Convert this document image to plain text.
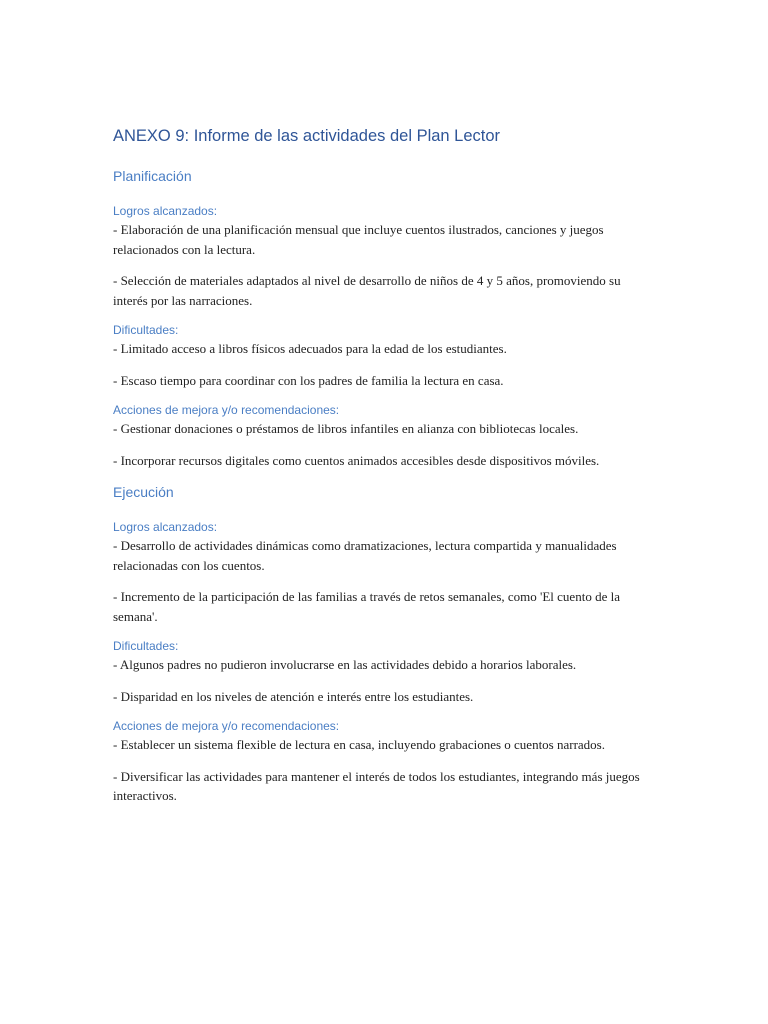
ANEXO 9: Informe de las actividades del Plan Lector
Planificación
Logros alcanzados:

- Elaboración de una planificación mensual que incluye cuentos ilustrados, canciones y juegos relacionados con la lectura.

- Selección de materiales adaptados al nivel de desarrollo de niños de 4 y 5 años, promoviendo su interés por las narraciones.

Dificultades:

- Limitado acceso a libros físicos adecuados para la edad de los estudiantes.

- Escaso tiempo para coordinar con los padres de familia la lectura en casa.

Acciones de mejora y/o recomendaciones:

- Gestionar donaciones o préstamos de libros infantiles en alianza con bibliotecas locales.

- Incorporar recursos digitales como cuentos animados accesibles desde dispositivos móviles.

Ejecución
Logros alcanzados:

- Desarrollo de actividades dinámicas como dramatizaciones, lectura compartida y manualidades relacionadas con los cuentos.

- Incremento de la participación de las familias a través de retos semanales, como 'El cuento de la semana'.

Dificultades:

- Algunos padres no pudieron involucrarse en las actividades debido a horarios laborales.

- Disparidad en los niveles de atención e interés entre los estudiantes.

Acciones de mejora y/o recomendaciones:

- Establecer un sistema flexible de lectura en casa, incluyendo grabaciones o cuentos narrados.

- Diversificar las actividades para mantener el interés de todos los estudiantes, integrando más juegos interactivos.
